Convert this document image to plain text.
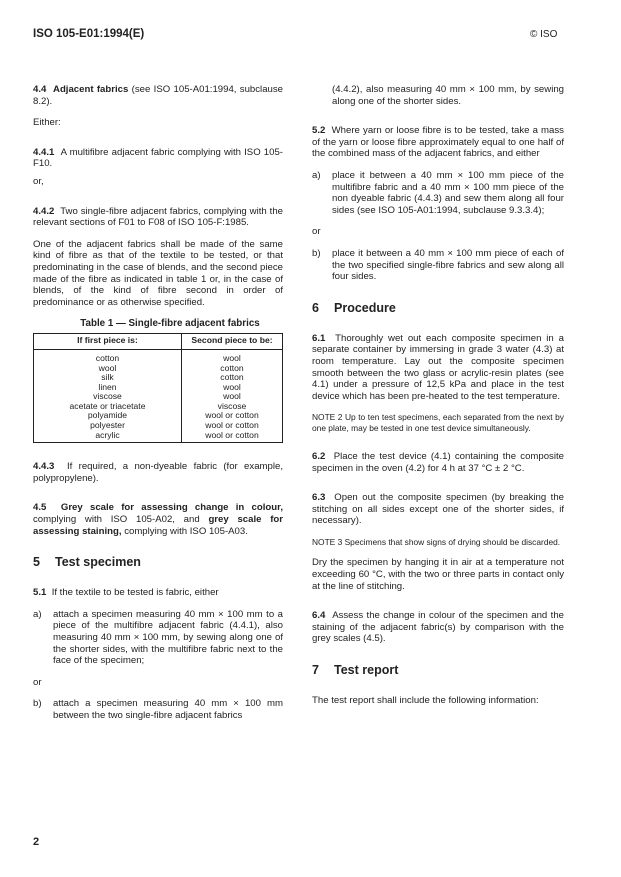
ISO 105-E01:1994(E)	© ISO

4.4 Adjacent fabrics (see ISO 105-A01:1994, subclause 8.2).

Either:

4.4.1 A multifibre adjacent fabric complying with ISO 105-F10.

or,

4.4.2 Two single-fibre adjacent fabrics, complying with the relevant sections of F01 to F08 of ISO 105-F:1985.

One of the adjacent fabrics shall be made of the same kind of fibre as that of the textile to be tested, or that predominating in the case of blends, and the second piece made of the fibre as indicated in table 1 or, in the case of blends, of the kind of fibre second in order of predominance or as otherwise specified.

Table 1 — Single-fibre adjacent fabrics
If first piece is:	Second piece to be:
cotton	wool
wool	cotton
silk	cotton
linen	wool
viscose	wool
acetate or triacetate	viscose
polyamide	wool or cotton
polyester	wool or cotton
acrylic	wool or cotton

4.4.3 If required, a non-dyeable fabric (for example, polypropylene).

4.5 Grey scale for assessing change in colour, complying with ISO 105-A02, and grey scale for assessing staining, complying with ISO 105-A03.

5 Test specimen

5.1 If the textile to be tested is fabric, either

a)	attach a specimen measuring 40 mm × 100 mm to a piece of the multifibre adjacent fabric (4.4.1), also measuring 40 mm × 100 mm, by sewing along one of the shorter sides, with the multifibre fabric next to the face of the specimen;

or

b)	attach a specimen measuring 40 mm × 100 mm between the two single-fibre adjacent fabrics

(4.4.2), also measuring 40 mm × 100 mm, by sewing along one of the shorter sides.

5.2 Where yarn or loose fibre is to be tested, take a mass of the yarn or loose fibre approximately equal to one half of the combined mass of the adjacent fabrics, and either

a)	place it between a 40 mm × 100 mm piece of the multifibre fabric and a 40 mm × 100 mm piece of the non dyeable fabric (4.4.3) and sew them along all four sides (see ISO 105-A01:1994, subclause 9.3.3.4);

or

b)	place it between a 40 mm × 100 mm piece of each of the two specified single-fibre fabrics and sew along all four sides.
6 Procedure

6.1 Thoroughly wet out each composite specimen in a separate container by immersing in grade 3 water (4.3) at room temperature. Lay out the composite specimen smooth between the two glass or acrylic-resin plates (see 4.1) under a pressure of 12,5 kPa and place in the test device which has been pre-heated to the test temperature.

NOTE 2 Up to ten test specimens, each separated from the next by one plate, may be tested in one test device simultaneously.

6.2 Place the test device (4.1) containing the composite specimen in the oven (4.2) for 4 h at 37 °C ± 2 °C.

6.3 Open out the composite specimen (by breaking the stitching on all sides except one of the shorter sides, if necessary).

NOTE 3 Specimens that show signs of drying should be discarded.

Dry the specimen by hanging it in air at a temperature not exceeding 60 °C, with the two or three parts in contact only at the line of stitching.

6.4 Assess the change in colour of the specimen and the staining of the adjacent fabric(s) by comparison with the grey scales (4.5).

7 Test report

The test report shall include the following information:

2
